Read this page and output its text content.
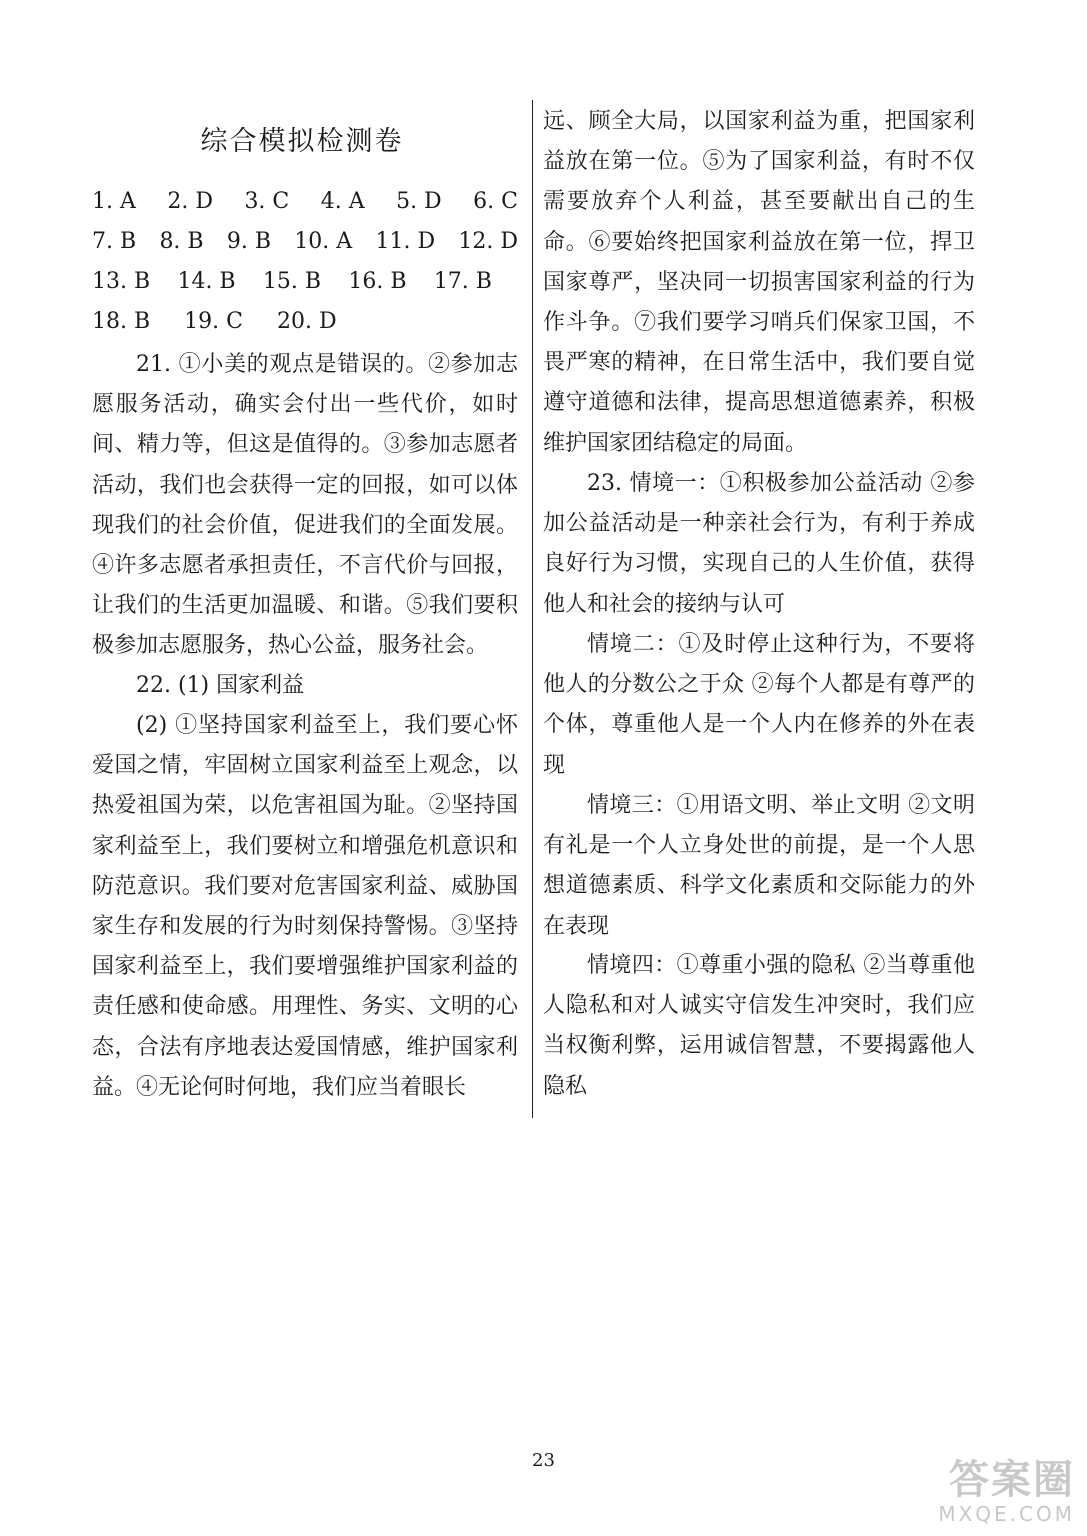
综合模拟检测卷
1. A 2. D 3. C 4. A 5. D 6. C
7. B 8. B 9. B 10. A 11. D 12. D
13. B 14. B 15. B 16. B 17. B
18. B 19. C 20. D
21. ①小美的观点是错误的。②参加志愿服务活动，确实会付出一些代价，如时间、精力等，但这是值得的。③参加志愿者活动，我们也会获得一定的回报，如可以体现我们的社会价值，促进我们的全面发展。④许多志愿者承担责任，不言代价与回报，让我们的生活更加温暖、和谐。⑤我们要积极参加志愿服务，热心公益，服务社会。
22. (1) 国家利益
(2) ①坚持国家利益至上，我们要心怀爱国之情，牢固树立国家利益至上观念，以热爱祖国为荣，以危害祖国为耻。②坚持国家利益至上，我们要树立和增强危机意识和防范意识。我们要对危害国家利益、威胁国家生存和发展的行为时刻保持警惕。③坚持国家利益至上，我们要增强维护国家利益的责任感和使命感。用理性、务实、文明的心态，合法有序地表达爱国情感，维护国家利益。④无论何时何地，我们应当着眼长
远、顾全大局，以国家利益为重，把国家利益放在第一位。⑤为了国家利益，有时不仅需要放弃个人利益，甚至要献出自己的生命。⑥要始终把国家利益放在第一位，捍卫国家尊严，坚决同一切损害国家利益的行为作斗争。⑦我们要学习哨兵们保家卫国，不畏严寒的精神，在日常生活中，我们要自觉遵守道德和法律，提高思想道德素养，积极维护国家团结稳定的局面。
23. 情境一：①积极参加公益活动 ②参加公益活动是一种亲社会行为，有利于养成良好行为习惯，实现自己的人生价值，获得他人和社会的接纳与认可
情境二：①及时停止这种行为，不要将他人的分数公之于众 ②每个人都是有尊严的个体，尊重他人是一个人内在修养的外在表现
情境三：①用语文明、举止文明 ②文明有礼是一个人立身处世的前提，是一个人思想道德素质、科学文化素质和交际能力的外在表现
情境四：①尊重小强的隐私 ②当尊重他人隐私和对人诚实守信发生冲突时，我们应当权衡利弊，运用诚信智慧，不要揭露他人隐私
23	答案圈
MXQE.COM
